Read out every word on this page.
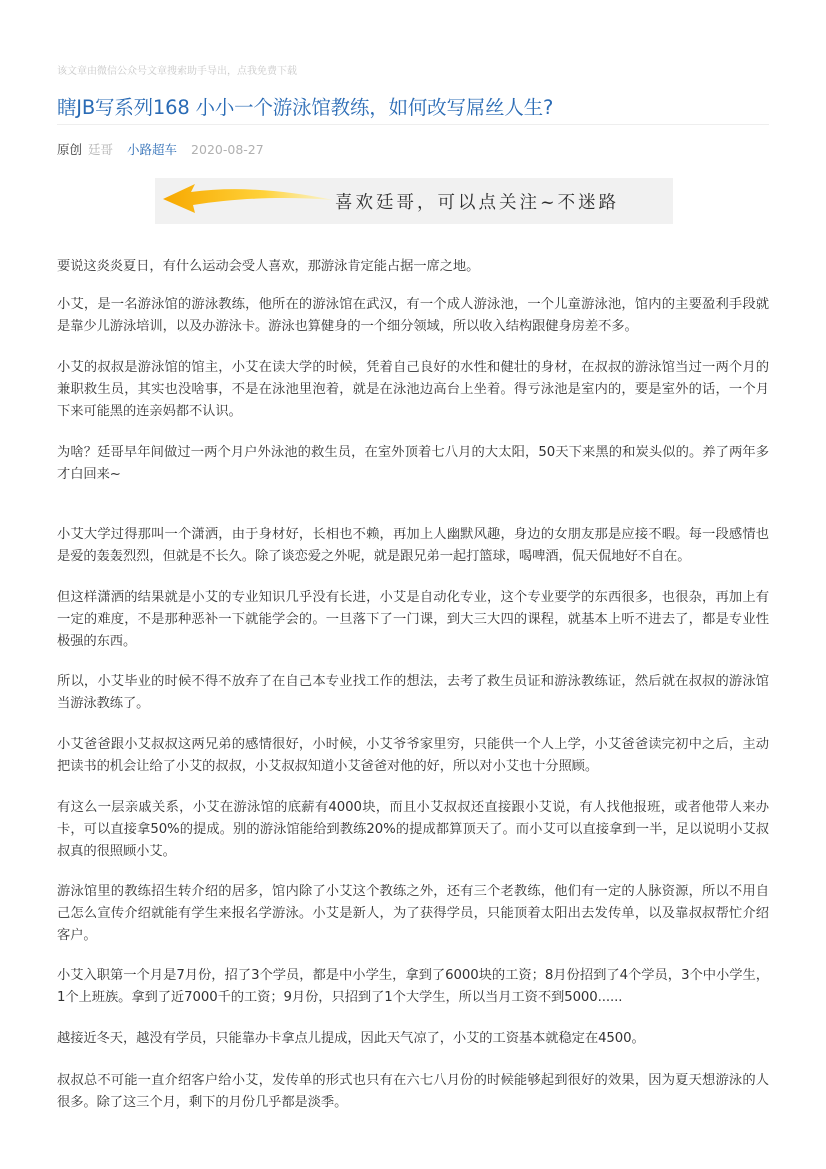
该文章由微信公众号文章搜索助手导出，点我免费下载
瞎JB写系列168 小小一个游泳馆教练，如何改写屌丝人生?
原创 廷哥 小路超车 2020-08-27
喜欢廷哥，可以点关注~不迷路

要说这炎炎夏日，有什么运动会受人喜欢，那游泳肯定能占据一席之地。

小艾，是一名游泳馆的游泳教练，他所在的游泳馆在武汉，有一个成人游泳池，一个儿童游泳池，馆内的主要盈利手段就是靠少儿游泳培训，以及办游泳卡。游泳也算健身的一个细分领域，所以收入结构跟健身房差不多。

小艾的叔叔是游泳馆的馆主，小艾在读大学的时候，凭着自己良好的水性和健壮的身材，在叔叔的游泳馆当过一两个月的兼职救生员，其实也没啥事，不是在泳池里泡着，就是在泳池边高台上坐着。得亏泳池是室内的，要是室外的话，一个月下来可能黑的连亲妈都不认识。

为啥？廷哥早年间做过一两个月户外泳池的救生员，在室外顶着七八月的大太阳，50天下来黑的和炭头似的。养了两年多才白回来~

小艾大学过得那叫一个潇洒，由于身材好，长相也不赖，再加上人幽默风趣，身边的女朋友那是应接不暇。每一段感情也是爱的轰轰烈烈，但就是不长久。除了谈恋爱之外呢，就是跟兄弟一起打篮球，喝啤酒，侃天侃地好不自在。

但这样潇洒的结果就是小艾的专业知识几乎没有长进，小艾是自动化专业，这个专业要学的东西很多，也很杂，再加上有一定的难度，不是那种恶补一下就能学会的。一旦落下了一门课，到大三大四的课程，就基本上听不进去了，都是专业性极强的东西。

所以，小艾毕业的时候不得不放弃了在自己本专业找工作的想法，去考了救生员证和游泳教练证，然后就在叔叔的游泳馆当游泳教练了。

小艾爸爸跟小艾叔叔这两兄弟的感情很好，小时候，小艾爷爷家里穷，只能供一个人上学，小艾爸爸读完初中之后，主动把读书的机会让给了小艾的叔叔，小艾叔叔知道小艾爸爸对他的好，所以对小艾也十分照顾。

有这么一层亲戚关系，小艾在游泳馆的底薪有4000块，而且小艾叔叔还直接跟小艾说，有人找他报班，或者他带人来办卡，可以直接拿50%的提成。别的游泳馆能给到教练20%的提成都算顶天了。而小艾可以直接拿到一半，足以说明小艾叔叔真的很照顾小艾。

游泳馆里的教练招生转介绍的居多，馆内除了小艾这个教练之外，还有三个老教练，他们有一定的人脉资源，所以不用自己怎么宣传介绍就能有学生来报名学游泳。小艾是新人，为了获得学员，只能顶着太阳出去发传单，以及靠叔叔帮忙介绍客户。

小艾入职第一个月是7月份，招了3个学员，都是中小学生，拿到了6000块的工资；8月份招到了4个学员，3个中小学生，1个上班族。拿到了近7000千的工资；9月份，只招到了1个大学生，所以当月工资不到5000......

越接近冬天，越没有学员，只能靠办卡拿点儿提成，因此天气凉了，小艾的工资基本就稳定在4500。

叔叔总不可能一直介绍客户给小艾，发传单的形式也只有在六七八月份的时候能够起到很好的效果，因为夏天想游泳的人很多。除了这三个月，剩下的月份几乎都是淡季。
